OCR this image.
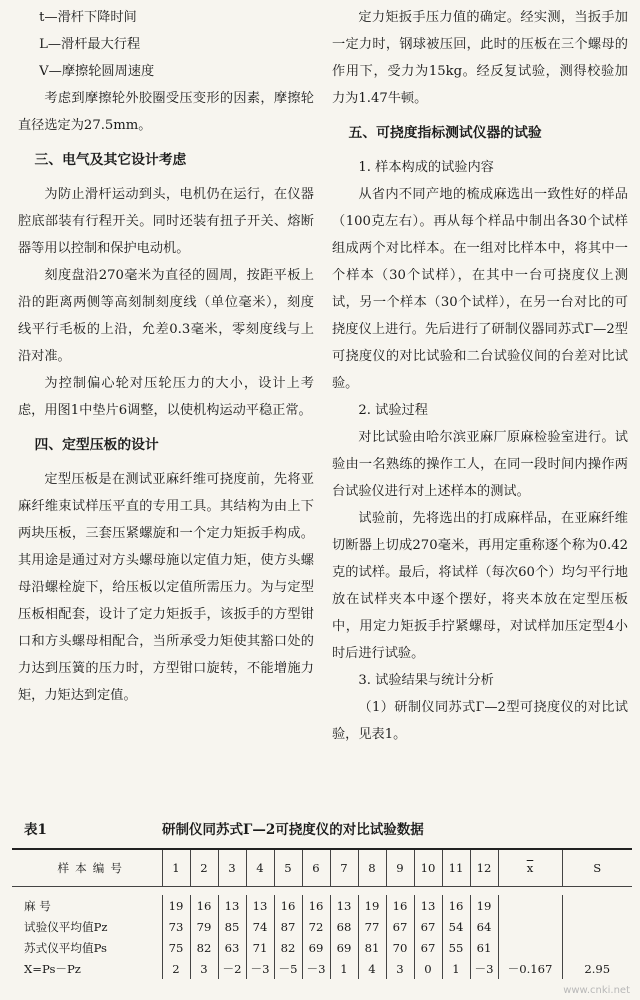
t—滑杆下降时间

L—滑杆最大行程

V—摩擦轮圆周速度

考虑到摩擦轮外胶圈受压变形的因素，摩擦轮直径选定为27.5mm。

三、电气及其它设计考虑

为防止滑杆运动到头，电机仍在运行，在仪器腔底部装有行程开关。同时还装有扭子开关、熔断器等用以控制和保护电动机。

刻度盘沿270毫米为直径的圆周，按距平板上沿的距离两侧等高刻制刻度线（单位毫米），刻度线平行毛板的上沿，允差0.3毫米，零刻度线与上沿对准。

为控制偏心轮对压轮压力的大小，设计上考虑，用图1中垫片6调整，以使机构运动平稳正常。

四、定型压板的设计

定型压板是在测试亚麻纤维可挠度前，先将亚麻纤维束试样压平直的专用工具。其结构为由上下两块压板，三套压紧螺旋和一个定力矩扳手构成。其用途是通过对方头螺母施以定值力矩，使方头螺母沿螺栓旋下，给压板以定值所需压力。为与定型压板相配套，设计了定力矩扳手，该扳手的方型钳口和方头螺母相配合，当所承受力矩使其豁口处的力达到压簧的压力时，方型钳口旋转，不能增施力矩，力矩达到定值。

定力矩扳手压力值的确定。经实测，当扳手加一定力时，钢球被压回，此时的压板在三个螺母的作用下，受力为15kg。经反复试验，测得校验加力为1.47牛顿。

五、可挠度指标测试仪器的试验

1. 样本构成的试验内容

从省内不同产地的梳成麻选出一致性好的样品（100克左右）。再从每个样品中制出各30个试样组成两个对比样本。在一组对比样本中，将其中一个样本（30个试样），在其中一台可挠度仪上测试，另一个样本（30个试样），在另一台对比的可挠度仪上进行。先后进行了研制仪器同苏式Г—2型可挠度仪的对比试验和二台试验仪间的台差对比试验。

2. 试验过程

对比试验由哈尔滨亚麻厂原麻检验室进行。试验由一名熟练的操作工人，在同一段时间内操作两台试验仪进行对上述样本的测试。

试验前，先将选出的打成麻样品，在亚麻纤维切断器上切成270毫米，再用定重称逐个称为0.42克的试样。最后，将试样（每次60个）均匀平行地放在试样夹本中逐个摆好，将夹本放在定型压板中，用定力矩扳手拧紧螺母，对试样加压定型4小时后进行试验。

3. 试验结果与统计分析

（1）研制仪同苏式Г—2型可挠度仪的对比试验，见表1。

表1	研制仪同苏式Г—2可挠度仪的对比试验数据
样本编号	1	2	3	4	5	6	7	8	9	10	11	12	$\overline{x}$	S

麻 号	19	16	13	13	16	16	13	19	16	13	16	19		
试验仪平均值Pz	73	79	85	74	87	72	68	77	67	67	54	64		
苏式仪平均值Ps	75	82	63	71	82	69	69	81	70	67	55	61		
X=Ps－Pz	2	3	－2	－3	－5	－3	1	4	3	0	1	－3	－0.167	2.95
www.cnki.net
